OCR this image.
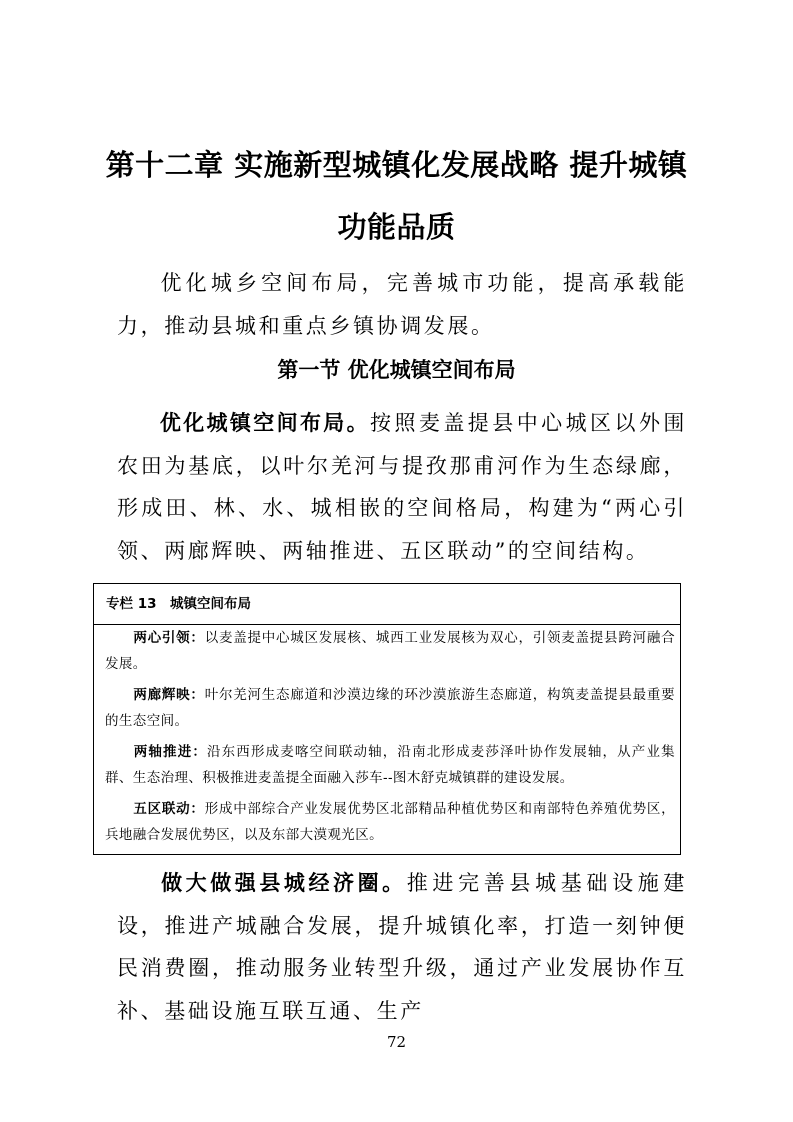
第十二章 实施新型城镇化发展战略 提升城镇
功能品质

优化城乡空间布局，完善城市功能，提高承载能力，推动县城和重点乡镇协调发展。

第一节 优化城镇空间布局

优化城镇空间布局。按照麦盖提县中心城区以外围农田为基底，以叶尔羌河与提孜那甫河作为生态绿廊，形成田、林、水、城相嵌的空间格局，构建为“两心引领、两廊辉映、两轴推进、五区联动”的空间结构。

专栏 13　城镇空间布局

两心引领：以麦盖提中心城区发展核、城西工业发展核为双心，引领麦盖提县跨河融合发展。

两廊辉映：叶尔羌河生态廊道和沙漠边缘的环沙漠旅游生态廊道，构筑麦盖提县最重要的生态空间。

两轴推进：沿东西形成麦喀空间联动轴，沿南北形成麦莎泽叶协作发展轴，从产业集群、生态治理、积极推进麦盖提全面融入莎车--图木舒克城镇群的建设发展。

五区联动：形成中部综合产业发展优势区北部精品种植优势区和南部特色养殖优势区，兵地融合发展优势区，以及东部大漠观光区。

做大做强县城经济圈。推进完善县城基础设施建设，推进产城融合发展，提升城镇化率，打造一刻钟便民消费圈，推动服务业转型升级，通过产业发展协作互补、基础设施互联互通、生产

72
